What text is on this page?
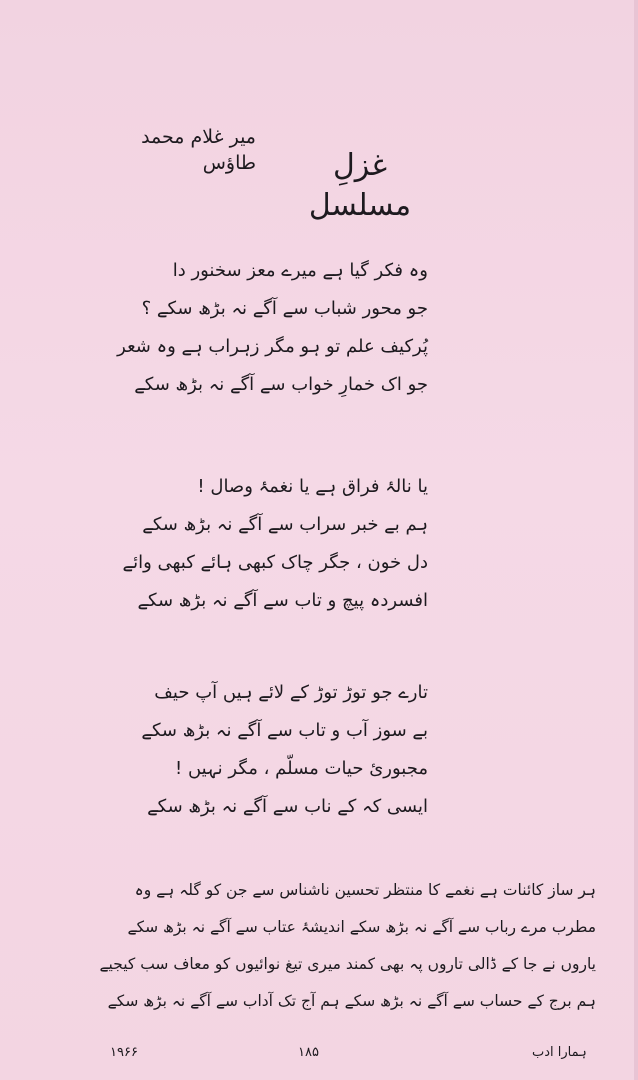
میر غلام محمد طاؤس	غزلِ مسلسل
وہ فکر گیا ہے میرے معز سخنور دا
جو محور شباب سے آگے نہ بڑھ سکے ؟
پُرکیف علم تو ہو مگر زہراب ہے وہ شعر
جو اک خمارِ خواب سے آگے نہ بڑھ سکے
یا نالۂ فراق ہے یا نغمۂ وصال !
ہم بے خبر سراب سے آگے نہ بڑھ سکے
دل خون ، جگر چاک کبھی ہائے کبھی وائے
افسردہ پیچ و تاب سے آگے نہ بڑھ سکے
تارے جو توڑ توڑ کے لائے ہیں آپ حیف
بے سوز آب و تاب سے آگے نہ بڑھ سکے
مجبوریٔ حیات مسلّم ، مگر نہیں !
ایسی کہ کے ناب سے آگے نہ بڑھ سکے
ہر ساز کائنات ہے نغمے کا منتظر تحسین ناشناس سے جن کو گلہ ہے وہ
مطرب مرے رباب سے آگے نہ بڑھ سکے اندیشۂ عتاب سے آگے نہ بڑھ سکے
یاروں نے جا کے ڈالی تاروں پہ بھی کمند میری تیغ نوائیوں کو معاف سب کیجیے
ہم برج کے حساب سے آگے نہ بڑھ سکے ہم آج تک آداب سے آگے نہ بڑھ سکے
ہمارا ادب
۱۸۵
۱۹۶۶
